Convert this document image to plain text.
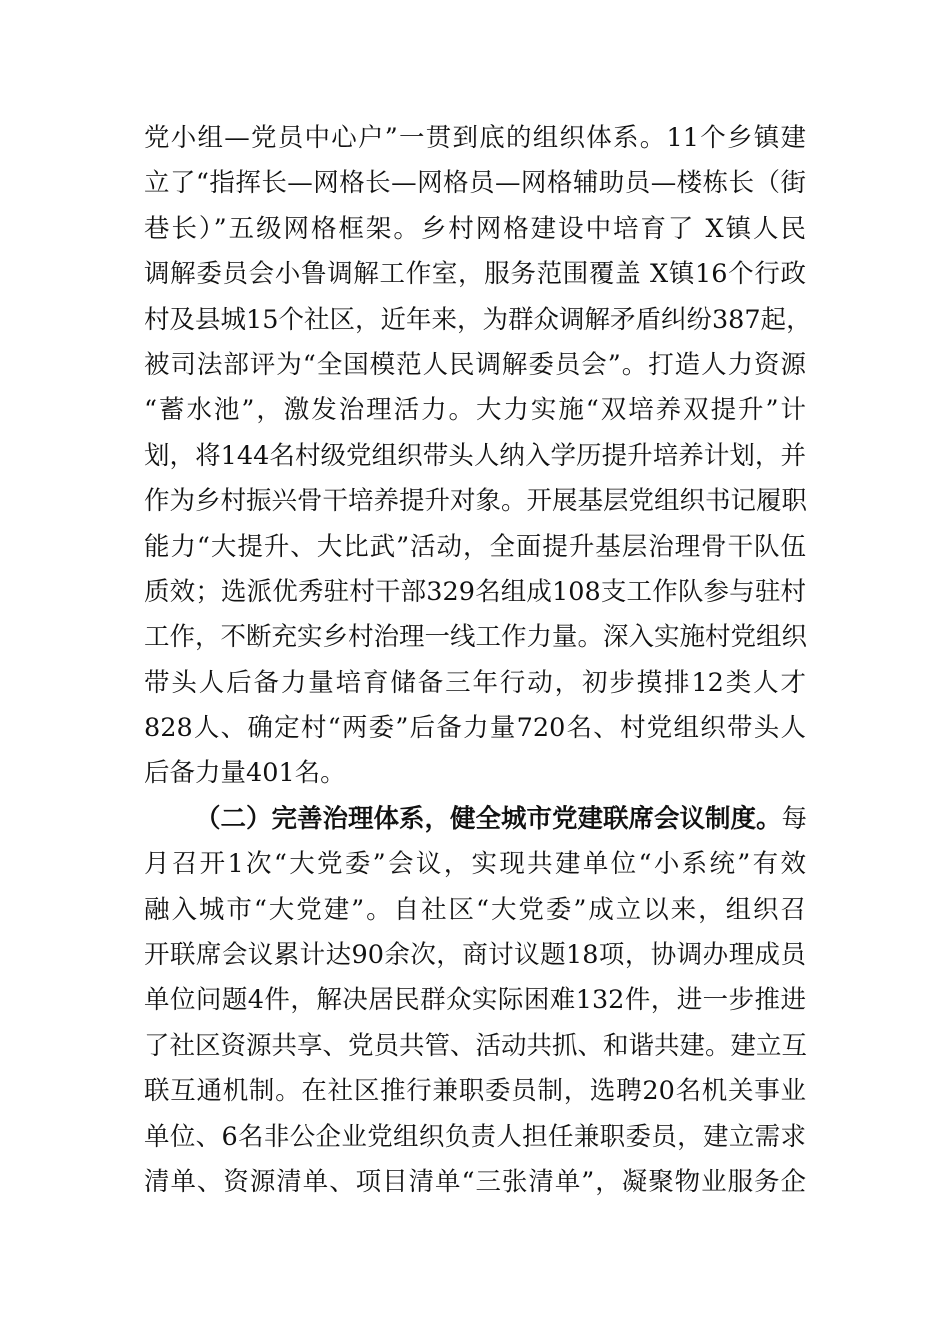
党小组—党员中心户”一贯到底的组织体系。11个乡镇建
立了“指挥长—网格长—网格员—网格辅助员—楼栋长（街
巷长）”五级网格框架。乡村网格建设中培育了 X镇人民
调解委员会小鲁调解工作室，服务范围覆盖 X镇16个行政
村及县城15个社区，近年来，为群众调解矛盾纠纷387起，
被司法部评为“全国模范人民调解委员会”。打造人力资源
“蓄水池”，激发治理活力。大力实施“双培养双提升”计
划，将144名村级党组织带头人纳入学历提升培养计划，并
作为乡村振兴骨干培养提升对象。开展基层党组织书记履职
能力“大提升、大比武”活动，全面提升基层治理骨干队伍
质效；选派优秀驻村干部329名组成108支工作队参与驻村
工作，不断充实乡村治理一线工作力量。深入实施村党组织
带头人后备力量培育储备三年行动，初步摸排12类人才
828人、确定村“两委”后备力量720名、村党组织带头人
后备力量401名。
（二）完善治理体系，健全城市党建联席会议制度。每
月召开1次“大党委”会议，实现共建单位“小系统”有效
融入城市“大党建”。自社区“大党委”成立以来，组织召
开联席会议累计达90余次，商讨议题18项，协调办理成员
单位问题4件，解决居民群众实际困难132件，进一步推进
了社区资源共享、党员共管、活动共抓、和谐共建。建立互
联互通机制。在社区推行兼职委员制，选聘20名机关事业
单位、6名非公企业党组织负责人担任兼职委员，建立需求
清单、资源清单、项目清单“三张清单”，凝聚物业服务企
